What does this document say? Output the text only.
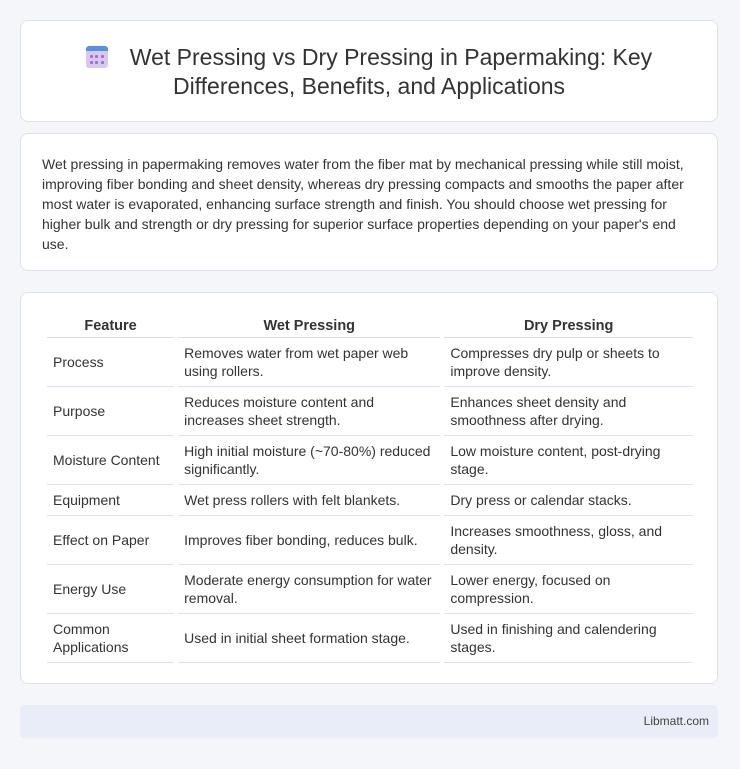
Wet Pressing vs Dry Pressing in Papermaking: Key Differences, Benefits, and Applications

Wet pressing in papermaking removes water from the fiber mat by mechanical pressing while still moist, improving fiber bonding and sheet density, whereas dry pressing compacts and smooths the paper after most water is evaporated, enhancing surface strength and finish. You should choose wet pressing for higher bulk and strength or dry pressing for superior surface properties depending on your paper's end use.

Feature	Wet Pressing	Dry Pressing
Process	Removes water from wet paper web using rollers.	Compresses dry pulp or sheets to improve density.
Purpose	Reduces moisture content and increases sheet strength.	Enhances sheet density and smoothness after drying.
Moisture Content	High initial moisture (~70-80%) reduced significantly.	Low moisture content, post-drying stage.
Equipment	Wet press rollers with felt blankets.	Dry press or calendar stacks.
Effect on Paper	Improves fiber bonding, reduces bulk.	Increases smoothness, gloss, and density.
Energy Use	Moderate energy consumption for water removal.	Lower energy, focused on compression.
Common Applications	Used in initial sheet formation stage.	Used in finishing and calendering stages.
Libmatt.com
